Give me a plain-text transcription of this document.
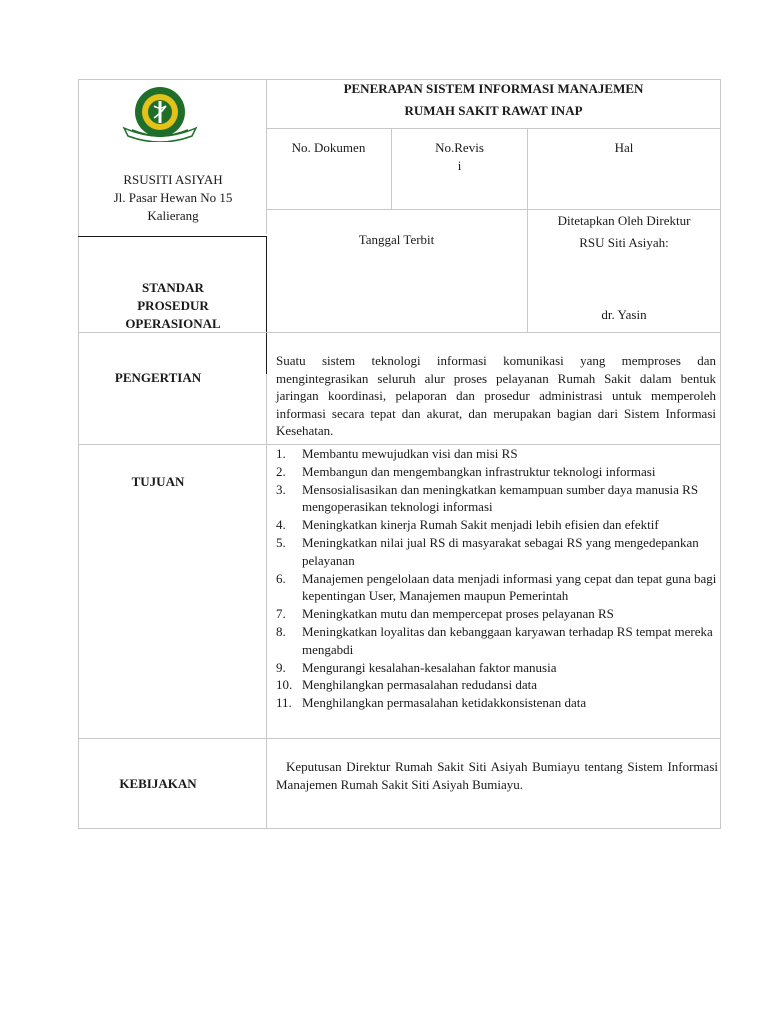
RSUSITI ASIYAH
Jl. Pasar Hewan No 15
Kalierang
PENERAPAN SISTEM INFORMASI MANAJEMEN
RUMAH SAKIT RAWAT INAP
No. Dokumen	No.Revis
i
Hal
Tanggal Terbit
Ditetapkan Oleh Direktur
RSU Siti Asiyah:
dr. Yasin
STANDAR
PROSEDUR
OPERASIONAL
PENGERTIAN
Suatu sistem teknologi informasi komunikasi yang memproses dan mengintegrasikan seluruh alur proses pelayanan Rumah Sakit dalam bentuk jaringan koordinasi, pelaporan dan prosedur administrasi untuk memperoleh informasi secara tepat dan akurat, dan merupakan bagian dari Sistem Informasi Kesehatan.
TUJUAN
1. Membantu mewujudkan visi dan misi RS
2. Membangun dan mengembangkan infrastruktur teknologi informasi
3. Mensosialisasikan dan meningkatkan kemampuan sumber daya manusia RS mengoperasikan teknologi informasi
4. Meningkatkan kinerja Rumah Sakit menjadi lebih efisien dan efektif
5. Meningkatkan nilai jual RS di masyarakat sebagai RS yang mengedepankan pelayanan
6. Manajemen pengelolaan data menjadi informasi yang cepat dan tepat guna bagi kepentingan User, Manajemen maupun Pemerintah
7. Meningkatkan mutu dan mempercepat proses pelayanan RS
8. Meningkatkan loyalitas dan kebanggaan karyawan terhadap RS tempat mereka mengabdi
9. Mengurangi kesalahan-kesalahan faktor manusia
10. Menghilangkan permasalahan redudansi data
11. Menghilangkan permasalahan ketidakkonsistenan data
KEBIJAKAN
Keputusan Direktur Rumah Sakit Siti Asiyah Bumiayu tentang Sistem Informasi Manajemen Rumah Sakit Siti Asiyah Bumiayu.
